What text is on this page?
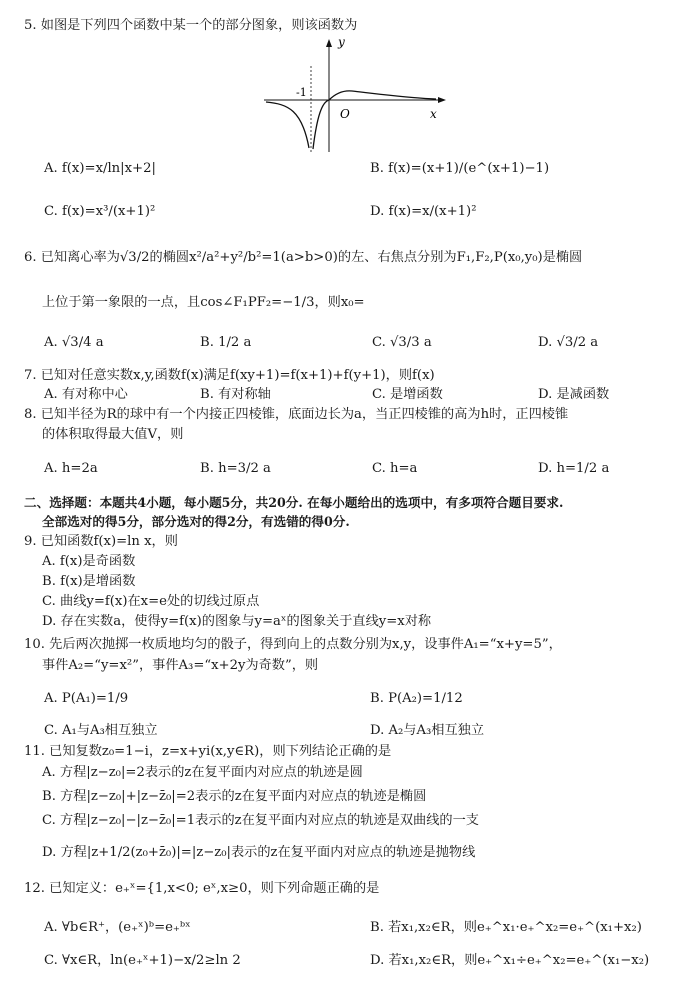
5. 如图是下列四个函数中某一个的部分图象，则该函数为
y
x
O
-1
A. f(x)=x/ln|x+2|	B. f(x)=(x+1)/(e^(x+1)−1)
C. f(x)=x³/(x+1)²	D. f(x)=x/(x+1)²
6. 已知离心率为√3/2的椭圆x²/a²+y²/b²=1(a>b>0)的左、右焦点分别为F₁,F₂,P(x₀,y₀)是椭圆
上位于第一象限的一点，且cos∠F₁PF₂=−1/3，则x₀=
A. √3/4 a	B. 1/2 a	C. √3/3 a	D. √3/2 a
7. 已知对任意实数x,y,函数f(x)满足f(xy+1)=f(x+1)+f(y+1)，则f(x)
A. 有对称中心	B. 有对称轴	C. 是增函数	D. 是减函数
8. 已知半径为R的球中有一个内接正四棱锥，底面边长为a，当正四棱锥的高为h时，正四棱锥
的体积取得最大值V，则
A. h=2a	B. h=3/2 a	C. h=a	D. h=1/2 a
二、选择题：本题共4小题，每小题5分，共20分. 在每小题给出的选项中，有多项符合题目要求.
全部选对的得5分，部分选对的得2分，有选错的得0分.
9. 已知函数f(x)=ln x，则
A. f(x)是奇函数
B. f(x)是增函数
C. 曲线y=f(x)在x=e处的切线过原点
D. 存在实数a，使得y=f(x)的图象与y=aˣ的图象关于直线y=x对称
10. 先后两次抛掷一枚质地均匀的骰子，得到向上的点数分别为x,y，设事件A₁=“x+y=5”，
事件A₂=“y=x²”，事件A₃=“x+2y为奇数”，则
A. P(A₁)=1/9	B. P(A₂)=1/12
C. A₁与A₃相互独立	D. A₂与A₃相互独立
11. 已知复数z₀=1−i，z=x+yi(x,y∈R)，则下列结论正确的是
A. 方程|z−z₀|=2表示的z在复平面内对应点的轨迹是圆
B. 方程|z−z₀|+|z−z̄₀|=2表示的z在复平面内对应点的轨迹是椭圆
C. 方程|z−z₀|−|z−z̄₀|=1表示的z在复平面内对应点的轨迹是双曲线的一支
D. 方程|z+1/2(z₀+z̄₀)|=|z−z₀|表示的z在复平面内对应点的轨迹是抛物线
12. 已知定义：e₊ˣ={1,x<0; eˣ,x≥0，则下列命题正确的是
A. ∀b∈R⁺，(e₊ˣ)ᵇ=e₊ᵇˣ	B. 若x₁,x₂∈R，则e₊^x₁·e₊^x₂=e₊^(x₁+x₂)
C. ∀x∈R，ln(e₊ˣ+1)−x/2≥ln 2	D. 若x₁,x₂∈R，则e₊^x₁÷e₊^x₂=e₊^(x₁−x₂)
